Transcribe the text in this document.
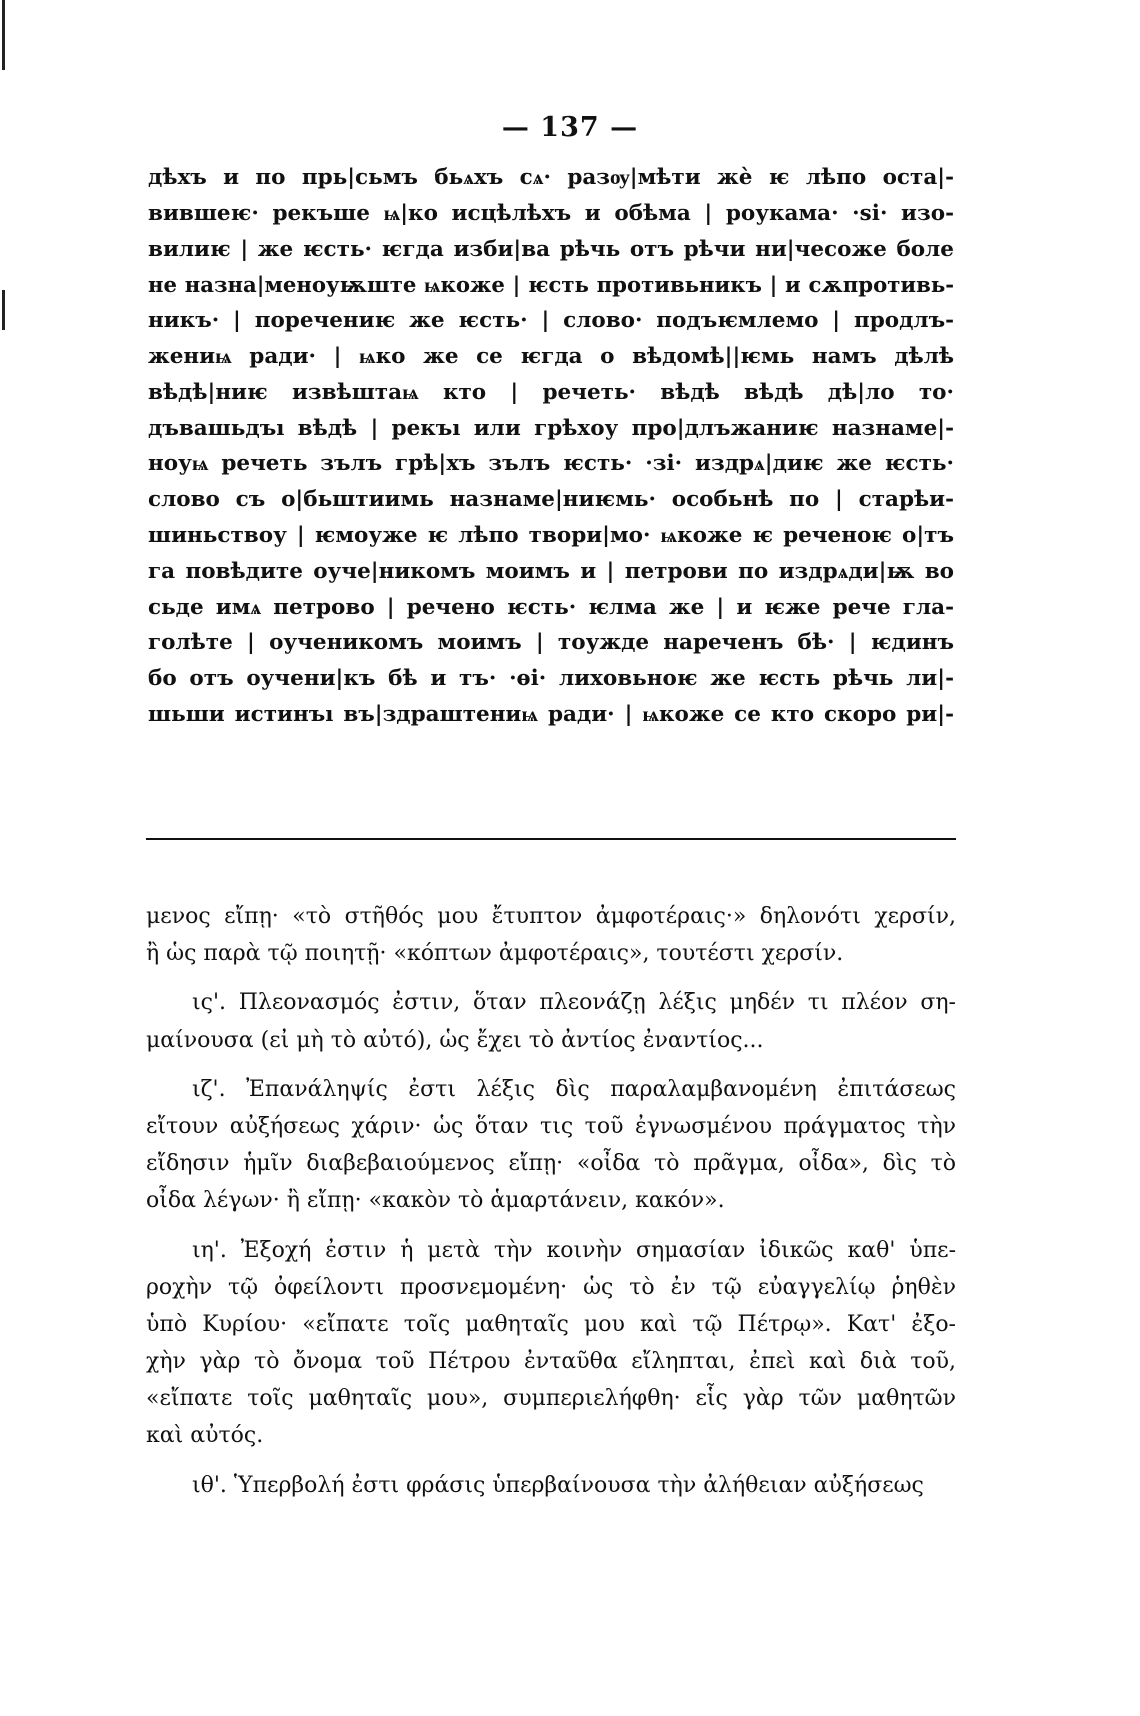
— 137 —
дѣхъ и по прь|сьмъ бьѧхъ сѧ· разѹ|мѣти жѐ ѥ лѣпо оста|-
вившеѥ· рекъше ѩ|ко исцѣлѣхъ и обѣма | роукама· ·ѕі· изо-
вилиѥ | же ѥсть· ѥгда изби|ва рѣчь отъ рѣчи ни|чесоже боле
не назна|меноуѭште ѩкоже | ѥсть противьникъ | и сѫпротивь-
никъ· | поречениѥ же ѥсть· | слово· подъѥмлемо | продлъ-
жениѩ ради· | ѩко же се ѥгда о вѣдомѣ||ѥмь намъ дѣлѣ
вѣдѣ|ниѥ извѣштаѩ кто | речеть· вѣдѣ вѣдѣ дѣ|ло то·
дъвашьдъı вѣдѣ | рекъı или грѣхоу про|длъжаниѥ назнаме|-
ноуѩ речеть зълъ грѣ|хъ зълъ ѥсть· ·зі· издрѧ|диѥ же ѥсть·
слово съ о|бьштиимь назнаме|ниѥмь· особьнѣ по | старѣи-
шиньствоу | ѥмоуже ѥ лѣпо твори|мо· ѩкоже ѥ реченоѥ о|тъ
га повѣдите оучe|никомъ моимъ и | петрови по издрѧди|ѭ во
сьде имѧ петрово | речено ѥсть· ѥлмa же | и ѥже рече гла-
голѣте | оученикомъ моимъ | тоужде нареченъ бѣ· | ѥдинъ
бо отъ оучени|къ бѣ и тъ· ·ѳі· лиховьноѥ же ѥсть рѣчь ли|-
шьши истинъı въ|здраштениѩ ради· | ѩкоже се кто скоро ри|-
μενος εἴπῃ· «τὸ στῆθός μου ἔτυπτον ἀμφοτέραις·» δηλονότι χερσίν,
ἢ ὡς παρὰ τῷ ποιητῇ· «κόπτων ἀμφοτέραις», τουτέστι χερσίν.
ις'. Πλεονασμός ἐστιν, ὅταν πλεονάζῃ λέξις μηδέν τι πλέον ση-
μαίνουσα (εἰ μὴ τὸ αὐτό), ὡς ἔχει τὸ ἀντίος ἐναντίος...
ιζ'. Ἐπανάληψίς ἐστι λέξις δὶς παραλαμβανομένη ἐπιτάσεως
εἴτουν αὐξήσεως χάριν· ὡς ὅταν τις τοῦ ἐγνωσμένου πράγματος τὴν
εἴδησιν ἡμῖν διαβεβαιούμενος εἴπῃ· «οἶδα τὸ πρᾶγμα, οἶδα», δὶς τὸ
οἶδα λέγων· ἢ εἴπῃ· «κακὸν τὸ ἁμαρτάνειν, κακόν».
ιη'. Ἐξοχή ἐστιν ἡ μετὰ τὴν κοινὴν σημασίαν ἰδικῶς καθ' ὑπε-
ροχὴν τῷ ὀφείλοντι προσνεμομένη· ὡς τὸ ἐν τῷ εὐαγγελίῳ ῥηθὲν
ὑπὸ Κυρίου· «εἴπατε τοῖς μαθηταῖς μου καὶ τῷ Πέτρῳ». Κατ' ἐξο-
χὴν γὰρ τὸ ὄνομα τοῦ Πέτρου ἐνταῦθα εἴληπται, ἐπεὶ καὶ διὰ τοῦ,
«εἴπατε τοῖς μαθηταῖς μου», συμπεριελήφθη· εἷς γὰρ τῶν μαθητῶν
καὶ αὐτός.
ιθ'. Ὑπερβολή ἐστι φράσις ὑπερβαίνουσα τὴν ἀλήθειαν αὐξήσεως
